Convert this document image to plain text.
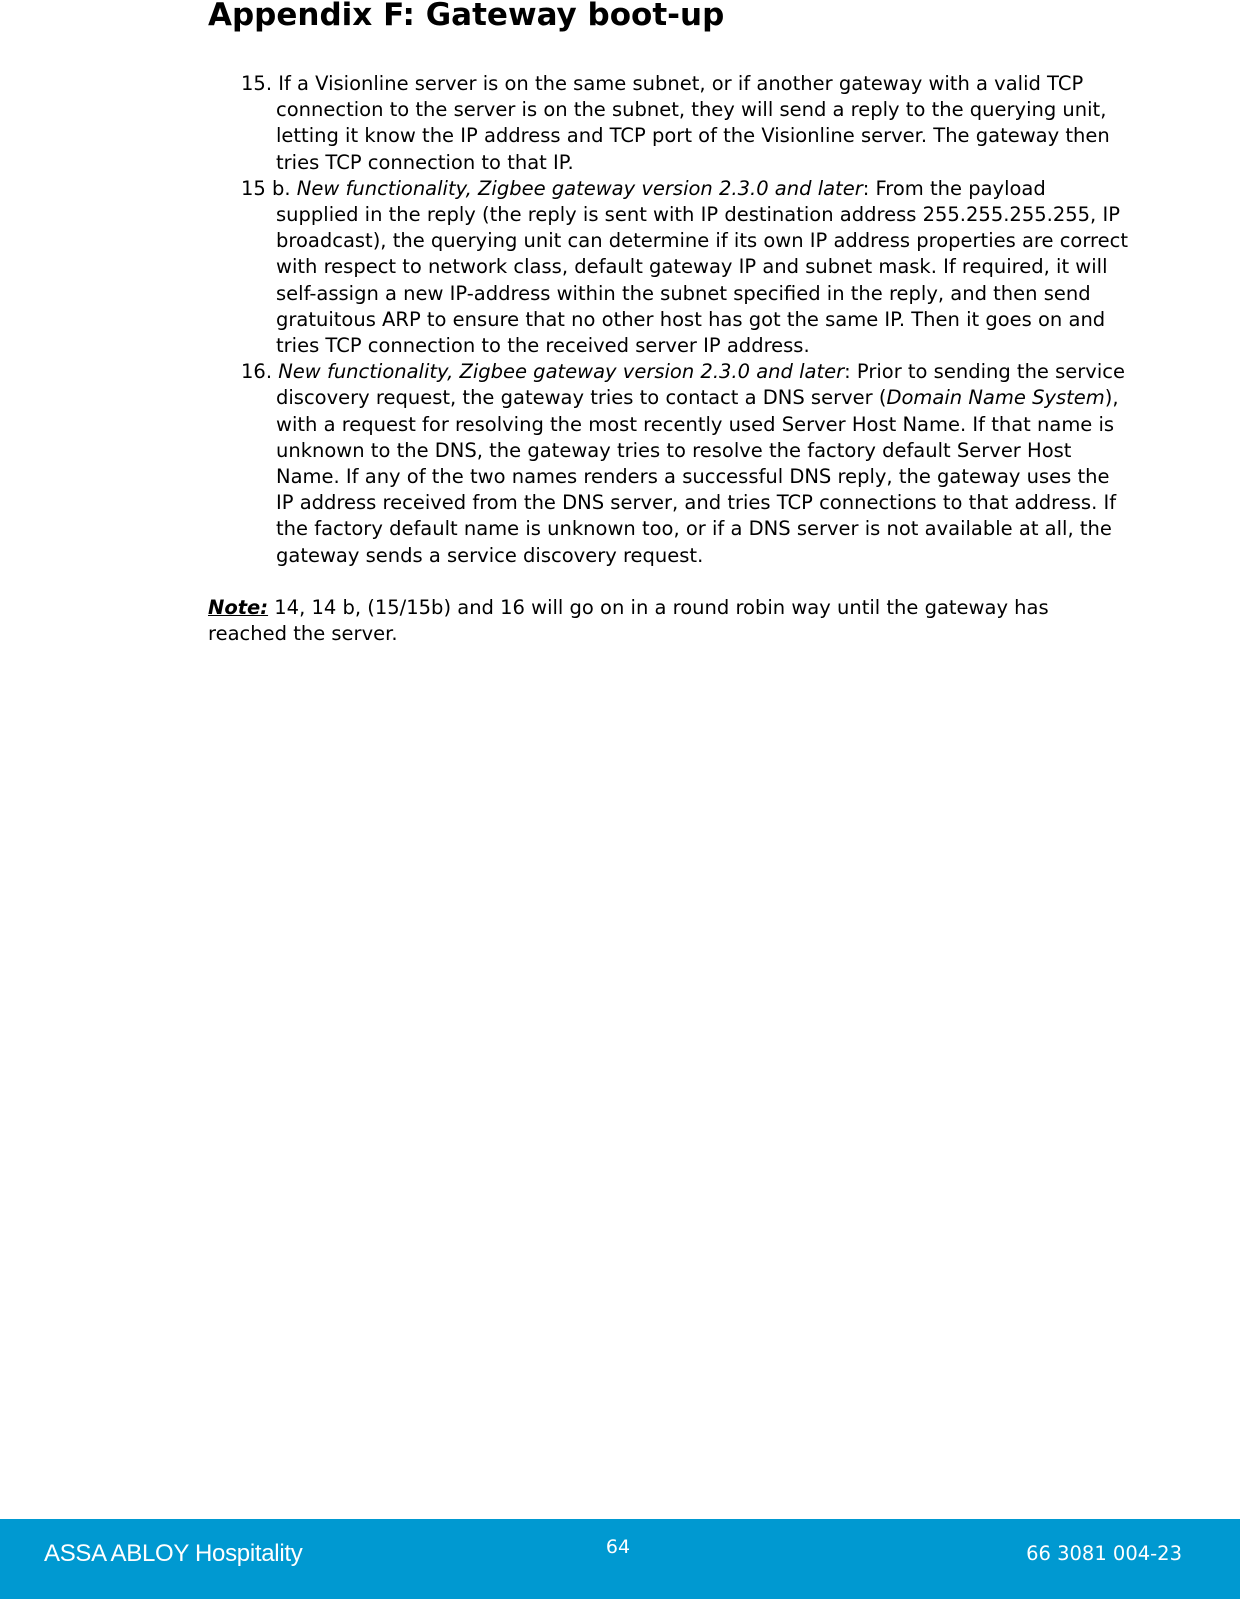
Appendix F: Gateway boot-up

15. If a Visionline server is on the same subnet, or if another gateway with a valid TCP connection to the server is on the subnet, they will send a reply to the querying unit, letting it know the IP address and TCP port of the Visionline server. The gateway then tries TCP connection to that IP.

15 b. New functionality, Zigbee gateway version 2.3.0 and later: From the payload supplied in the reply (the reply is sent with IP destination address 255.255.255.255, IP broadcast), the querying unit can determine if its own IP address properties are correct with respect to network class, default gateway IP and subnet mask. If required, it will self-assign a new IP-address within the subnet specified in the reply, and then send gratuitous ARP to ensure that no other host has got the same IP. Then it goes on and tries TCP connection to the received server IP address.

16. New functionality, Zigbee gateway version 2.3.0 and later: Prior to sending the service discovery request, the gateway tries to contact a DNS server (Domain Name System), with a request for resolving the most recently used Server Host Name. If that name is unknown to the DNS, the gateway tries to resolve the factory default Server Host Name. If any of the two names renders a successful DNS reply, the gateway uses the IP address received from the DNS server, and tries TCP connections to that address. If the factory default name is unknown too, or if a DNS server is not available at all, the gateway sends a service discovery request.

Note: 14, 14 b, (15/15b) and 16 will go on in a round robin way until the gateway has reached the server.

ASSA ABLOY Hospitality	64	66 3081 004-23
